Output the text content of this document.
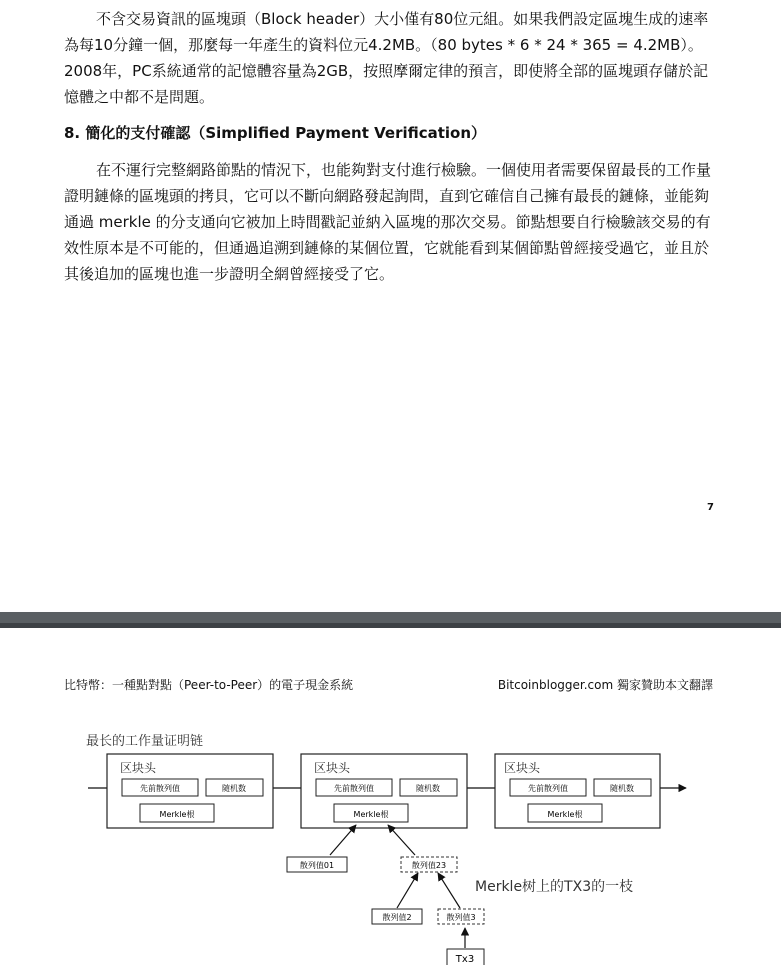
不含交易資訊的區塊頭（Block header）大小僅有80位元組。如果我們設定區塊生成的速率為每10分鐘一個，那麼每一年產生的資料位元4.2MB。（80 bytes * 6 * 24 * 365 = 4.2MB）。2008年，PC系統通常的記憶體容量為2GB，按照摩爾定律的預言，即使將全部的區塊頭存儲於記憶體之中都不是問題。
8. 簡化的支付確認（Simplified Payment Verification）
在不運行完整網路節點的情況下，也能夠對支付進行檢驗。一個使用者需要保留最長的工作量證明鏈條的區塊頭的拷貝，它可以不斷向網路發起詢問，直到它確信自己擁有最長的鏈條，並能夠通過 merkle 的分支通向它被加上時間戳記並納入區塊的那次交易。節點想要自行檢驗該交易的有效性原本是不可能的，但通過追溯到鏈條的某個位置，它就能看到某個節點曾經接受過它，並且於其後追加的區塊也進一步證明全網曾經接受了它。
7
比特幣：一種點對點（Peer-to-Peer）的電子現金系統	Bitcoinblogger.com 獨家贊助本文翻譯
最长的工作量证明链
区块头
先前散列值	随机数
Merkle根
区块头
先前散列值	随机数
Merkle根
区块头
先前散列值	随机数
Merkle根
散列值01	散列值23
散列值2	散列值3
Tx3
Merkle树上的TX3的一枝
